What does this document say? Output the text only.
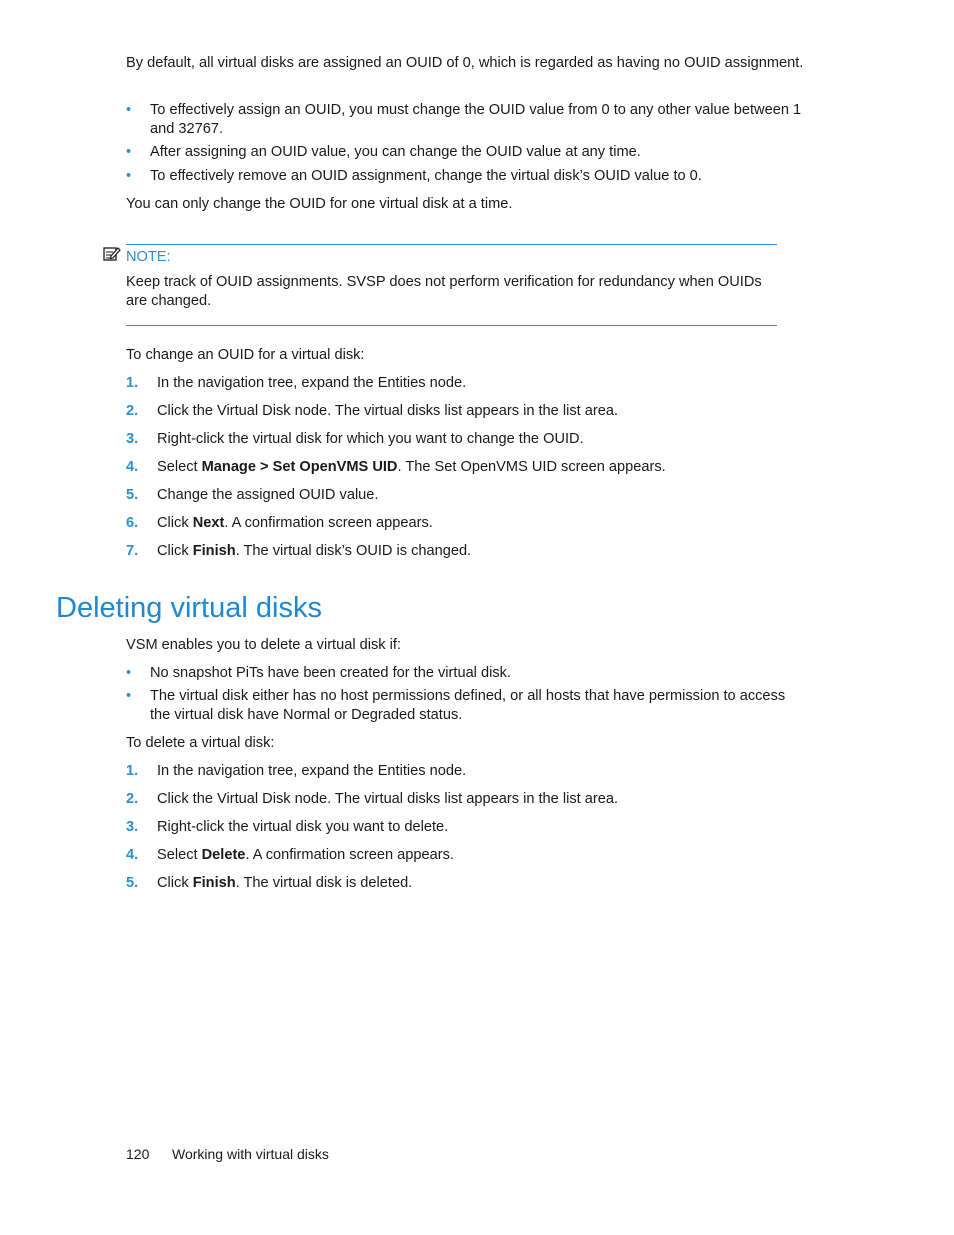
By default, all virtual disks are assigned an OUID of 0, which is regarded as having no OUID assignment.
• To effectively assign an OUID, you must change the OUID value from 0 to any other value between 1 and 32767.
• After assigning an OUID value, you can change the OUID value at any time.
• To effectively remove an OUID assignment, change the virtual disk’s OUID value to 0.
You can only change the OUID for one virtual disk at a time.
NOTE:
Keep track of OUID assignments. SVSP does not perform verification for redundancy when OUIDs are changed.
To change an OUID for a virtual disk:
1. In the navigation tree, expand the Entities node.
2. Click the Virtual Disk node. The virtual disks list appears in the list area.
3. Right-click the virtual disk for which you want to change the OUID.
4. Select Manage > Set OpenVMS UID. The Set OpenVMS UID screen appears.
5. Change the assigned OUID value.
6. Click Next. A confirmation screen appears.
7. Click Finish. The virtual disk’s OUID is changed.
Deleting virtual disks
VSM enables you to delete a virtual disk if:
• No snapshot PiTs have been created for the virtual disk.
• The virtual disk either has no host permissions defined, or all hosts that have permission to access the virtual disk have Normal or Degraded status.
To delete a virtual disk:
1. In the navigation tree, expand the Entities node.
2. Click the Virtual Disk node. The virtual disks list appears in the list area.
3. Right-click the virtual disk you want to delete.
4. Select Delete. A confirmation screen appears.
5. Click Finish. The virtual disk is deleted.
120 Working with virtual disks
